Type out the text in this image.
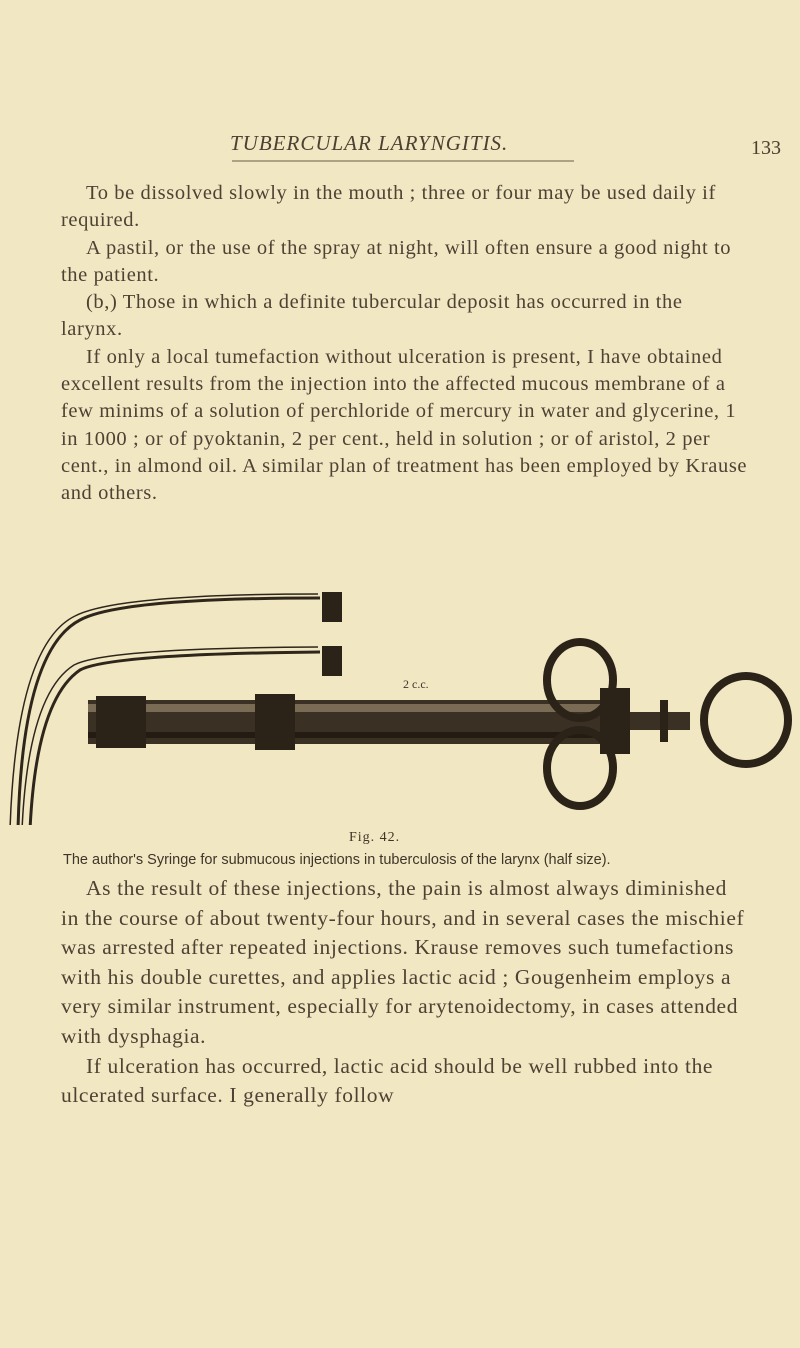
TUBERCULAR LARYNGITIS.	133

To be dissolved slowly in the mouth ; three or four may be used daily if required.

A pastil, or the use of the spray at night, will often ensure a good night to the patient.

(b,) Those in which a definite tubercular deposit has occurred in the larynx.

If only a local tumefaction without ulceration is present, I have obtained excellent results from the injection into the affected mucous membrane of a few minims of a solution of perchloride of mercury in water and glycerine, 1 in 1000 ; or of pyoktanin, 2 per cent., held in solution ; or of aristol, 2 per cent., in almond oil. A similar plan of treatment has been employed by Krause and others.

2 c.c.
Fig. 42.
The author's Syringe for submucous injections in tuberculosis of the larynx (half size).

As the result of these injections, the pain is almost always diminished in the course of about twenty-four hours, and in several cases the mischief was arrested after repeated injections. Krause removes such tumefactions with his double curettes, and applies lactic acid ; Gougenheim employs a very similar instrument, especially for arytenoidectomy, in cases attended with dysphagia.

If ulceration has occurred, lactic acid should be well rubbed into the ulcerated surface. I generally follow
